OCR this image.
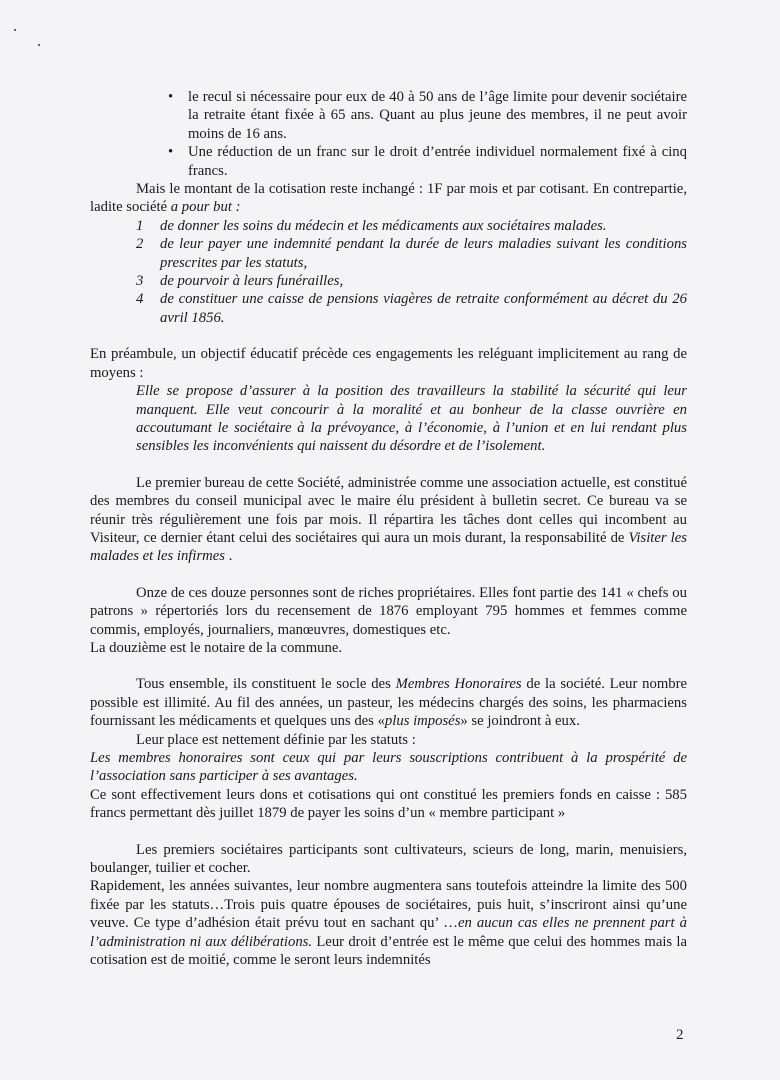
• le recul si nécessaire pour eux de 40 à 50 ans de l’âge limite pour devenir sociétaire la retraite étant fixée à 65 ans. Quant au plus jeune des membres, il ne peut avoir moins de 16 ans.
• Une réduction de un franc sur le droit d’entrée individuel normalement fixé à cinq francs.

Mais le montant de la cotisation reste inchangé : 1F par mois et par cotisant. En contrepartie, ladite société a pour but :

1 de donner les soins du médecin et les médicaments aux sociétaires malades.
2 de leur payer une indemnité pendant la durée de leurs maladies suivant les conditions prescrites par les statuts,
3 de pourvoir à leurs funérailles,
4 de constituer une caisse de pensions viagères de retraite conformément au décret du 26 avril 1856.

En préambule, un objectif éducatif précède ces engagements les reléguant implicitement au rang de moyens :

Elle se propose d’assurer à la position des travailleurs la stabilité la sécurité qui leur manquent. Elle veut concourir à la moralité et au bonheur de la classe ouvrière en accoutumant le sociétaire à la prévoyance, à l’économie, à l’union et en lui rendant plus sensibles les inconvénients qui naissent du désordre et de l’isolement.

Le premier bureau de cette Société, administrée comme une association actuelle, est constitué des membres du conseil municipal avec le maire élu président à bulletin secret. Ce bureau va se réunir très régulièrement une fois par mois. Il répartira les tâches dont celles qui incombent au Visiteur, ce dernier étant celui des sociétaires qui aura un mois durant, la responsabilité de Visiter les malades et les infirmes .

Onze de ces douze personnes sont de riches propriétaires. Elles font partie des 141 « chefs ou patrons » répertoriés lors du recensement de 1876 employant 795 hommes et femmes comme commis, employés, journaliers, manœuvres, domestiques etc.

La douzième est le notaire de la commune.

Tous ensemble, ils constituent le socle des Membres Honoraires de la société. Leur nombre possible est illimité. Au fil des années, un pasteur, les médecins chargés des soins, les pharmaciens fournissant les médicaments et quelques uns des «plus imposés» se joindront à eux.

Leur place est nettement définie par les statuts :

Les membres honoraires sont ceux qui par leurs souscriptions contribuent à la prospérité de l’association sans participer à ses avantages.

Ce sont effectivement leurs dons et cotisations qui ont constitué les premiers fonds en caisse : 585 francs permettant dès juillet 1879 de payer les soins d’un « membre participant »

Les premiers sociétaires participants sont cultivateurs, scieurs de long, marin, menuisiers, boulanger, tuilier et cocher.

Rapidement, les années suivantes, leur nombre augmentera sans toutefois atteindre la limite des 500 fixée par les statuts…Trois puis quatre épouses de sociétaires, puis huit, s’inscriront ainsi qu’une veuve. Ce type d’adhésion était prévu tout en sachant qu’ …en aucun cas elles ne prennent part à l’administration ni aux délibérations. Leur droit d’entrée est le même que celui des hommes mais la cotisation est de moitié, comme le seront leurs indemnités

2
